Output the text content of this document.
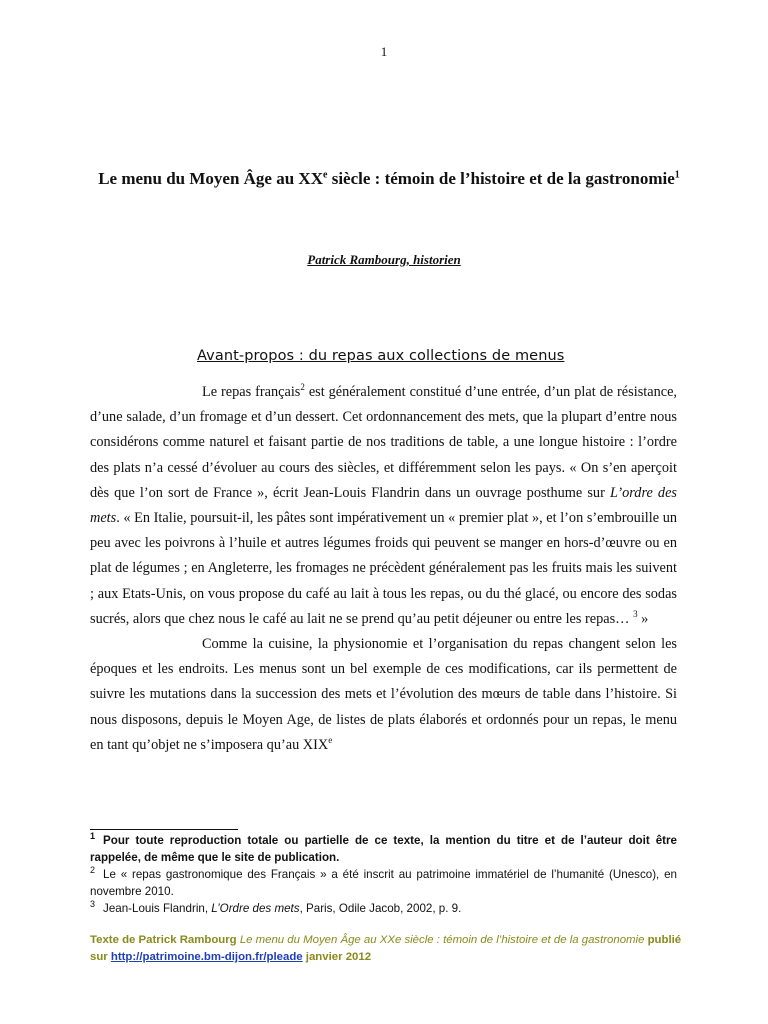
1
Le menu du Moyen Âge au XXe siècle : témoin de l’histoire et de la gastronomie$^1$
Patrick Rambourg, historien
Avant-propos : du repas aux collections de menus

Le repas français$^2$ est généralement constitué d’une entrée, d’un plat de résistance, d’une salade, d’un fromage et d’un dessert. Cet ordonnancement des mets, que la plupart d’entre nous considérons comme naturel et faisant partie de nos traditions de table, a une longue histoire : l’ordre des plats n’a cessé d’évoluer au cours des siècles, et différemment selon les pays. « On s’en aperçoit dès que l’on sort de France », écrit Jean-Louis Flandrin dans un ouvrage posthume sur L’ordre des mets. « En Italie, poursuit-il, les pâtes sont impérativement un « premier plat », et l’on s’embrouille un peu avec les poivrons à l’huile et autres légumes froids qui peuvent se manger en hors-d’œuvre ou en plat de légumes ; en Angleterre, les fromages ne précèdent généralement pas les fruits mais les suivent ; aux Etats-Unis, on vous propose du café au lait à tous les repas, ou du thé glacé, ou encore des sodas sucrés, alors que chez nous le café au lait ne se prend qu’au petit déjeuner ou entre les repas… $^3$ »

Comme la cuisine, la physionomie et l’organisation du repas changent selon les époques et les endroits. Les menus sont un bel exemple de ces modifications, car ils permettent de suivre les mutations dans la succession des mets et l’évolution des mœurs de table dans l’histoire. Si nous disposons, depuis le Moyen Age, de listes de plats élaborés et ordonnés pour un repas, le menu en tant qu’objet ne s’imposera qu’au XIXe

$^1$ Pour toute reproduction totale ou partielle de ce texte, la mention du titre et de l’auteur doit être rappelée, de même que le site de publication.

$^2$ Le « repas gastronomique des Français » a été inscrit au patrimoine immatériel de l’humanité (Unesco), en novembre 2010.

$^3$ Jean-Louis Flandrin, L’Ordre des mets, Paris, Odile Jacob, 2002, p. 9.

Texte de Patrick Rambourg Le menu du Moyen Âge au XXe siècle : témoin de l’histoire et de la gastronomie publié sur http://patrimoine.bm-dijon.fr/pleade janvier 2012
